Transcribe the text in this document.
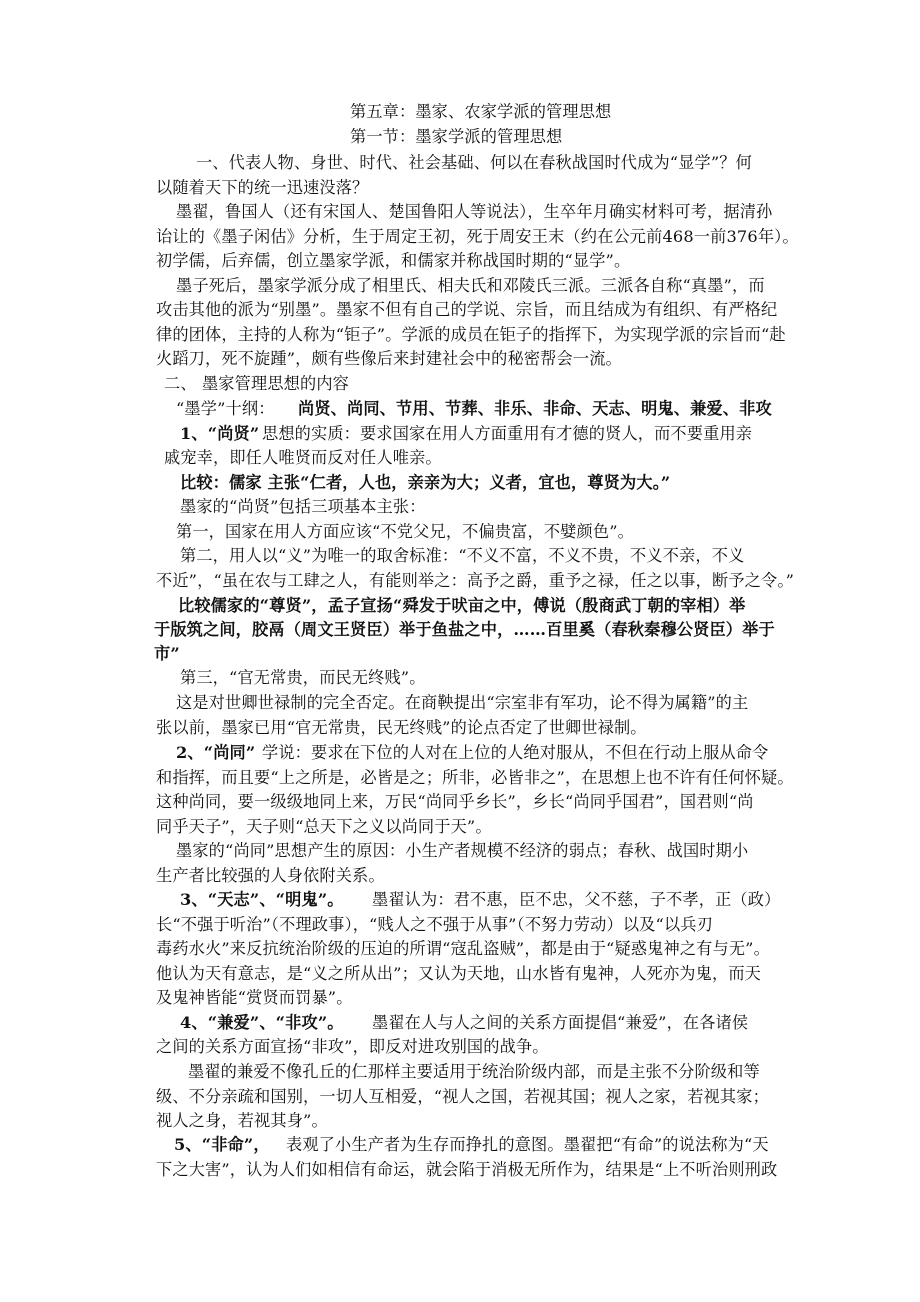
第五章：墨家、农家学派的管理思想
第一节：墨家学派的管理思想
一、代表人物、身世、时代、社会基础、何以在春秋战国时代成为“显学”？何
以随着天下的统一迅速没落？
墨翟，鲁国人（还有宋国人、楚国鲁阳人等说法），生卒年月确实材料可考，据清孙
诒让的《墨子闲估》分析，生于周定王初，死于周安王末（约在公元前468一前376年）。
初学儒，后弃儒，创立墨家学派，和儒家并称战国时期的“显学”。
墨子死后，墨家学派分成了相里氏、相夫氏和邓陵氏三派。三派各自称“真墨”，而
攻击其他的派为“别墨”。墨家不但有自己的学说、宗旨，而且结成为有组织、有严格纪
律的团体，主持的人称为“钜子”。学派的成员在钜子的指挥下，为实现学派的宗旨而“赴
火蹈刀，死不旋踵”，颇有些像后来封建社会中的秘密帮会一流。
二、 墨家管理思想的内容
“墨学”十纲： 尚贤、尚同、节用、节葬、非乐、非命、天志、明鬼、兼爱、非攻
1、“尚贤” 思想的实质：要求国家在用人方面重用有才德的贤人，而不要重用亲
戚宠幸，即任人唯贤而反对任人唯亲。
比较：儒家 主张“仁者，人也，亲亲为大；义者，宜也，尊贤为大。”
墨家的“尚贤”包括三项基本主张：
第一，国家在用人方面应该“不党父兄，不偏贵富，不嬖颜色”。
第二，用人以“义”为唯一的取舍标准：“不义不富，不义不贵，不义不亲，不义
不近”，“虽在农与工肆之人，有能则举之：高予之爵，重予之禄，任之以事，断予之令。”
比较儒家的“尊贤”，孟子宣扬“舜发于吠亩之中，傅说（殷商武丁朝的宰相）举
于版筑之间，胶鬲（周文王贤臣）举于鱼盐之中，……百里奚（春秋秦穆公贤臣）举于
市”
第三，“官无常贵，而民无终贱”。
这是对世卿世禄制的完全否定。在商鞅提出“宗室非有军功，论不得为属籍”的主
张以前，墨家已用“官无常贵，民无终贱”的论点否定了世卿世禄制。
2、“尚同” 学说：要求在下位的人对在上位的人绝对服从，不但在行动上服从命令
和指挥，而且要“上之所是，必皆是之；所非，必皆非之”，在思想上也不许有任何怀疑。
这种尚同，要一级级地同上来，万民“尚同乎乡长”，乡长“尚同乎国君”，国君则“尚
同乎天子”，天子则“总天下之义以尚同于天”。
墨家的“尚同”思想产生的原因：小生产者规模不经济的弱点；春秋、战国时期小
生产者比较强的人身依附关系。
3、“天志”、“明鬼”。 墨翟认为：君不惠，臣不忠，父不慈，子不孝，正（政）
长“不强于听治”（不理政事），“贱人之不强于从事”（不努力劳动）以及“以兵刃
毒药水火”来反抗统治阶级的压迫的所谓“寇乱盗贼”，都是由于“疑惑鬼神之有与无”。
他认为天有意志，是“义之所从出”；又认为天地，山水皆有鬼神，人死亦为鬼，而天
及鬼神皆能“赏贤而罚暴”。
4、“兼爱”、“非攻”。 墨翟在人与人之间的关系方面提倡“兼爱”，在各诸侯
之间的关系方面宣扬“非攻”，即反对进攻别国的战争。
墨翟的兼爱不像孔丘的仁那样主要适用于统治阶级内部，而是主张不分阶级和等
级、不分亲疏和国别，一切人互相爱，“视人之国，若视其国；视人之家，若视其家；
视人之身，若视其身”。
5、“非命”， 表观了小生产者为生存而挣扎的意图。墨翟把“有命”的说法称为“天
下之大害”，认为人们如相信有命运，就会陷于消极无所作为，结果是“上不听治则刑政
